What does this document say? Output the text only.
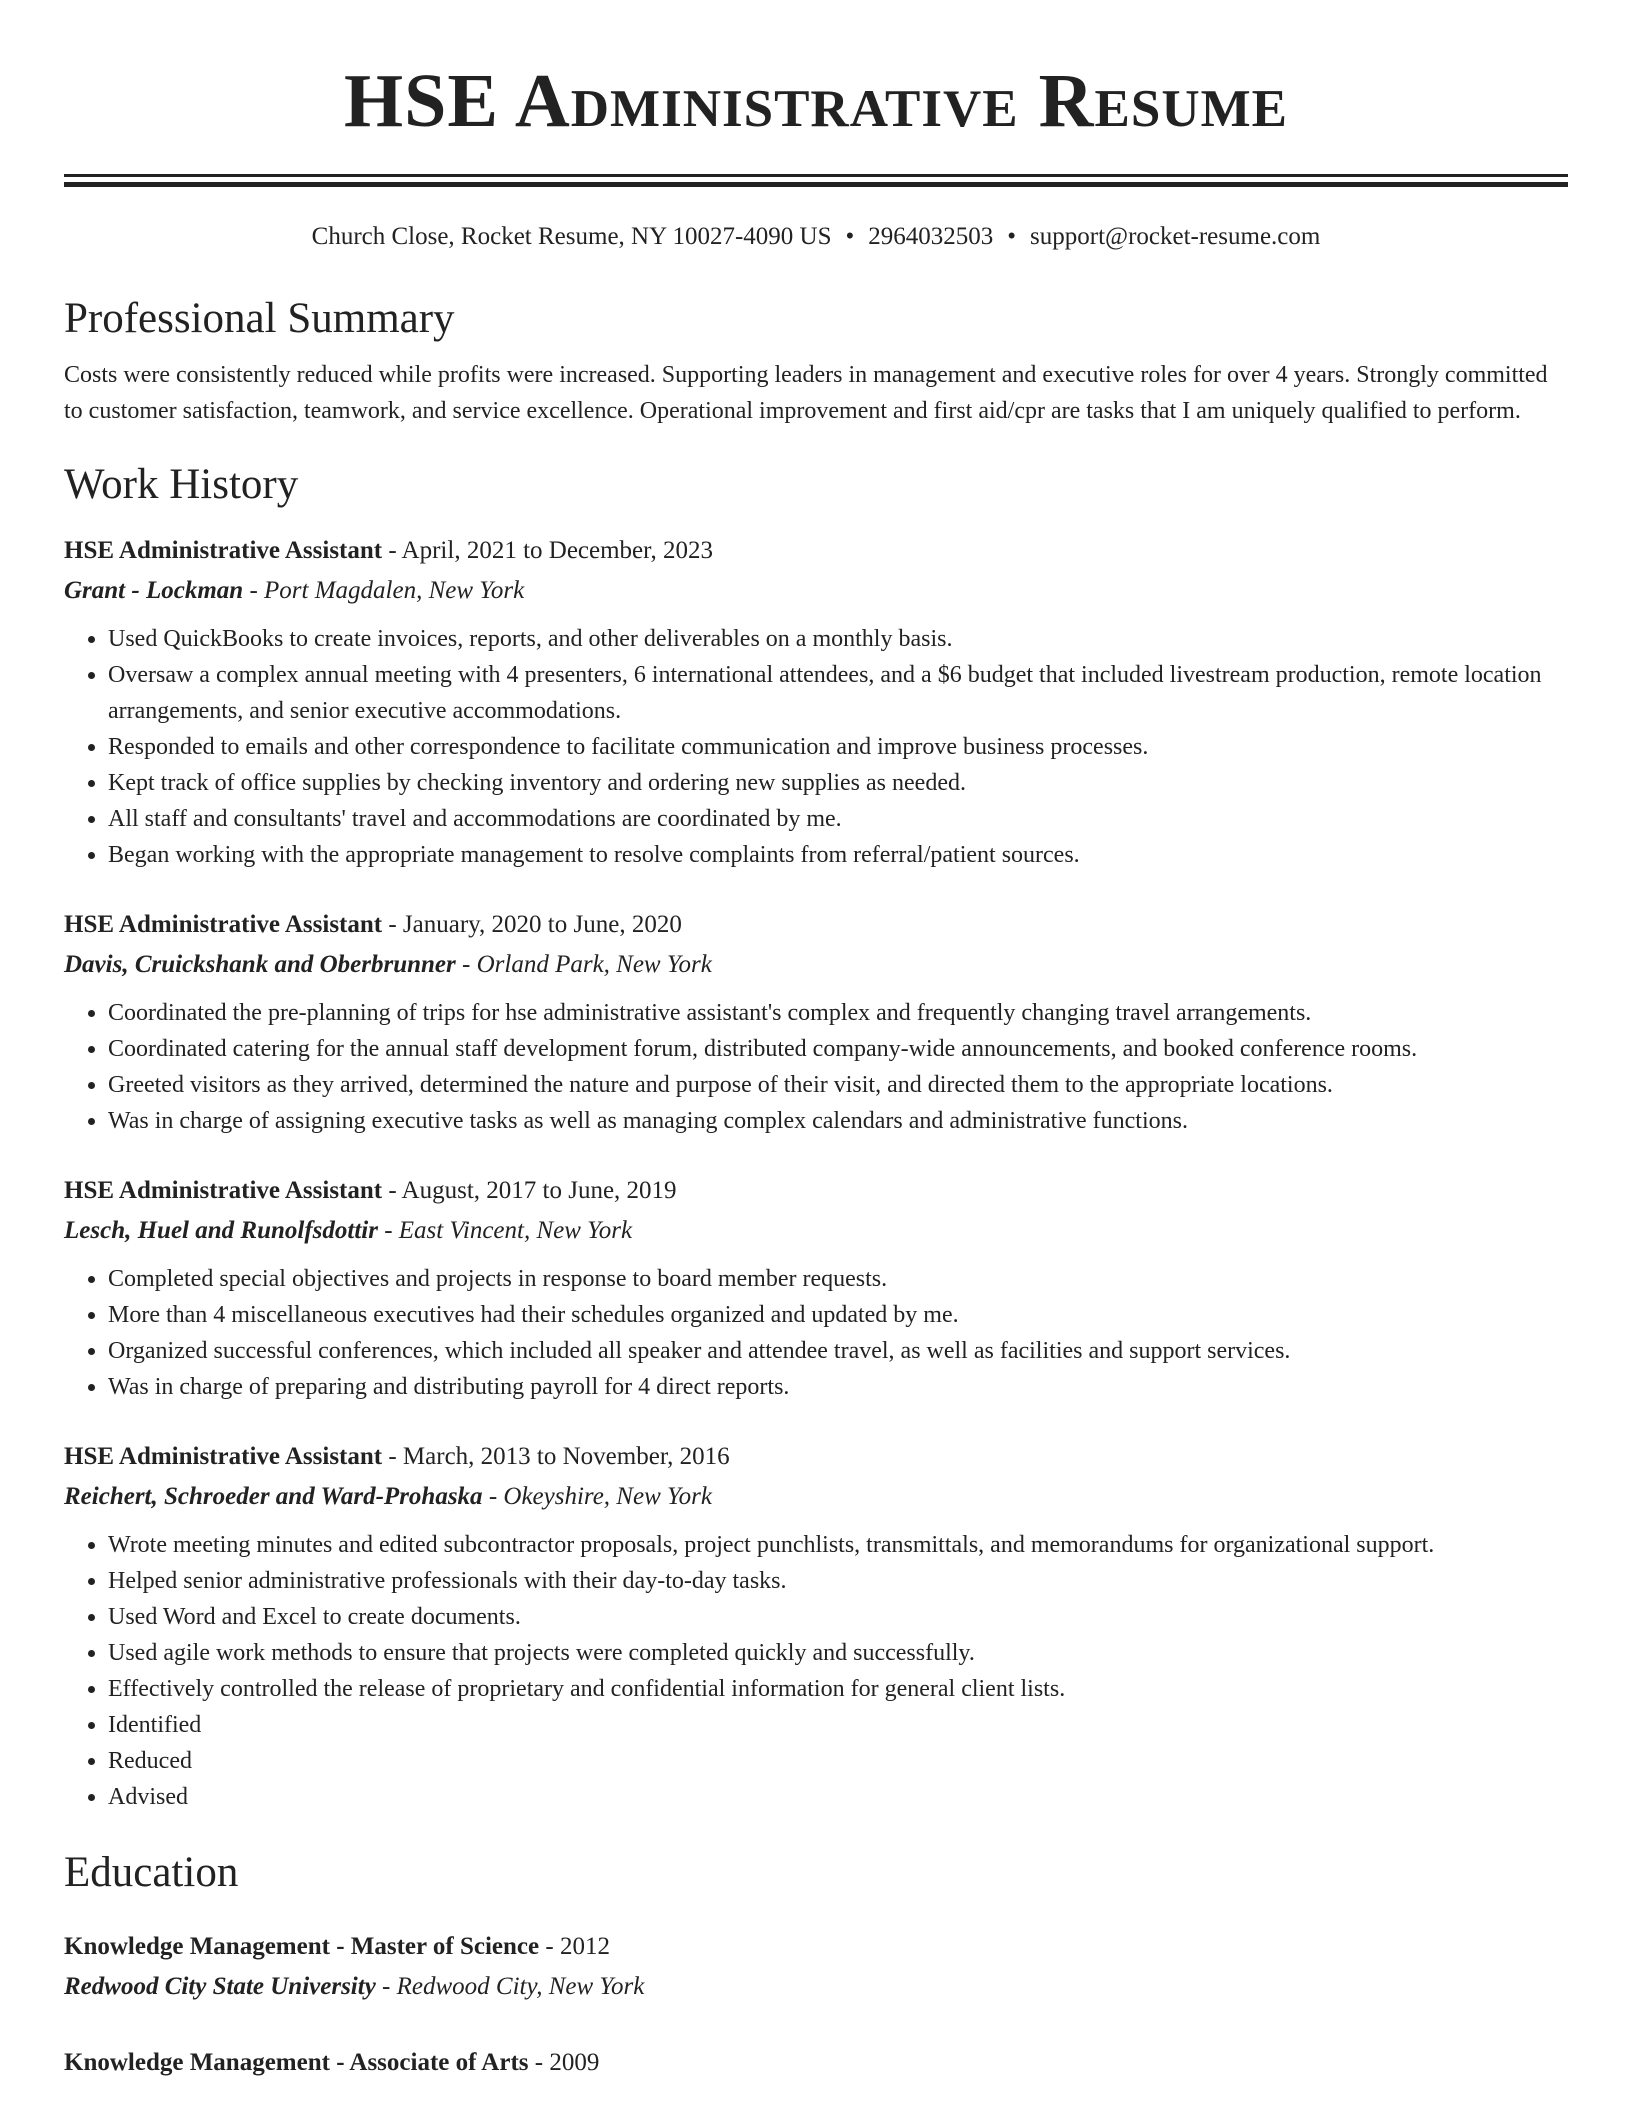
HSE Administrative Resume
Church Close, Rocket Resume, NY 10027-4090 US • 2964032503 • support@rocket-resume.com
Professional Summary

Costs were consistently reduced while profits were increased. Supporting leaders in management and executive roles for over 4 years. Strongly committed to customer satisfaction, teamwork, and service excellence. Operational improvement and first aid/cpr are tasks that I am uniquely qualified to perform.

Work History
HSE Administrative Assistant - April, 2021 to December, 2023
Grant - Lockman - Port Magdalen, New York
• Used QuickBooks to create invoices, reports, and other deliverables on a monthly basis.
• Oversaw a complex annual meeting with 4 presenters, 6 international attendees, and a $6 budget that included livestream production, remote location arrangements, and senior executive accommodations.
• Responded to emails and other correspondence to facilitate communication and improve business processes.
• Kept track of office supplies by checking inventory and ordering new supplies as needed.
• All staff and consultants' travel and accommodations are coordinated by me.
• Began working with the appropriate management to resolve complaints from referral/patient sources.
HSE Administrative Assistant - January, 2020 to June, 2020
Davis, Cruickshank and Oberbrunner - Orland Park, New York
• Coordinated the pre-planning of trips for hse administrative assistant's complex and frequently changing travel arrangements.
• Coordinated catering for the annual staff development forum, distributed company-wide announcements, and booked conference rooms.
• Greeted visitors as they arrived, determined the nature and purpose of their visit, and directed them to the appropriate locations.
• Was in charge of assigning executive tasks as well as managing complex calendars and administrative functions.
HSE Administrative Assistant - August, 2017 to June, 2019
Lesch, Huel and Runolfsdottir - East Vincent, New York
• Completed special objectives and projects in response to board member requests.
• More than 4 miscellaneous executives had their schedules organized and updated by me.
• Organized successful conferences, which included all speaker and attendee travel, as well as facilities and support services.
• Was in charge of preparing and distributing payroll for 4 direct reports.
HSE Administrative Assistant - March, 2013 to November, 2016
Reichert, Schroeder and Ward-Prohaska - Okeyshire, New York
• Wrote meeting minutes and edited subcontractor proposals, project punchlists, transmittals, and memorandums for organizational support.
• Helped senior administrative professionals with their day-to-day tasks.
• Used Word and Excel to create documents.
• Used agile work methods to ensure that projects were completed quickly and successfully.
• Effectively controlled the release of proprietary and confidential information for general client lists.
• Identified
• Reduced
• Advised
Education
Knowledge Management - Master of Science - 2012
Redwood City State University - Redwood City, New York
Knowledge Management - Associate of Arts - 2009
